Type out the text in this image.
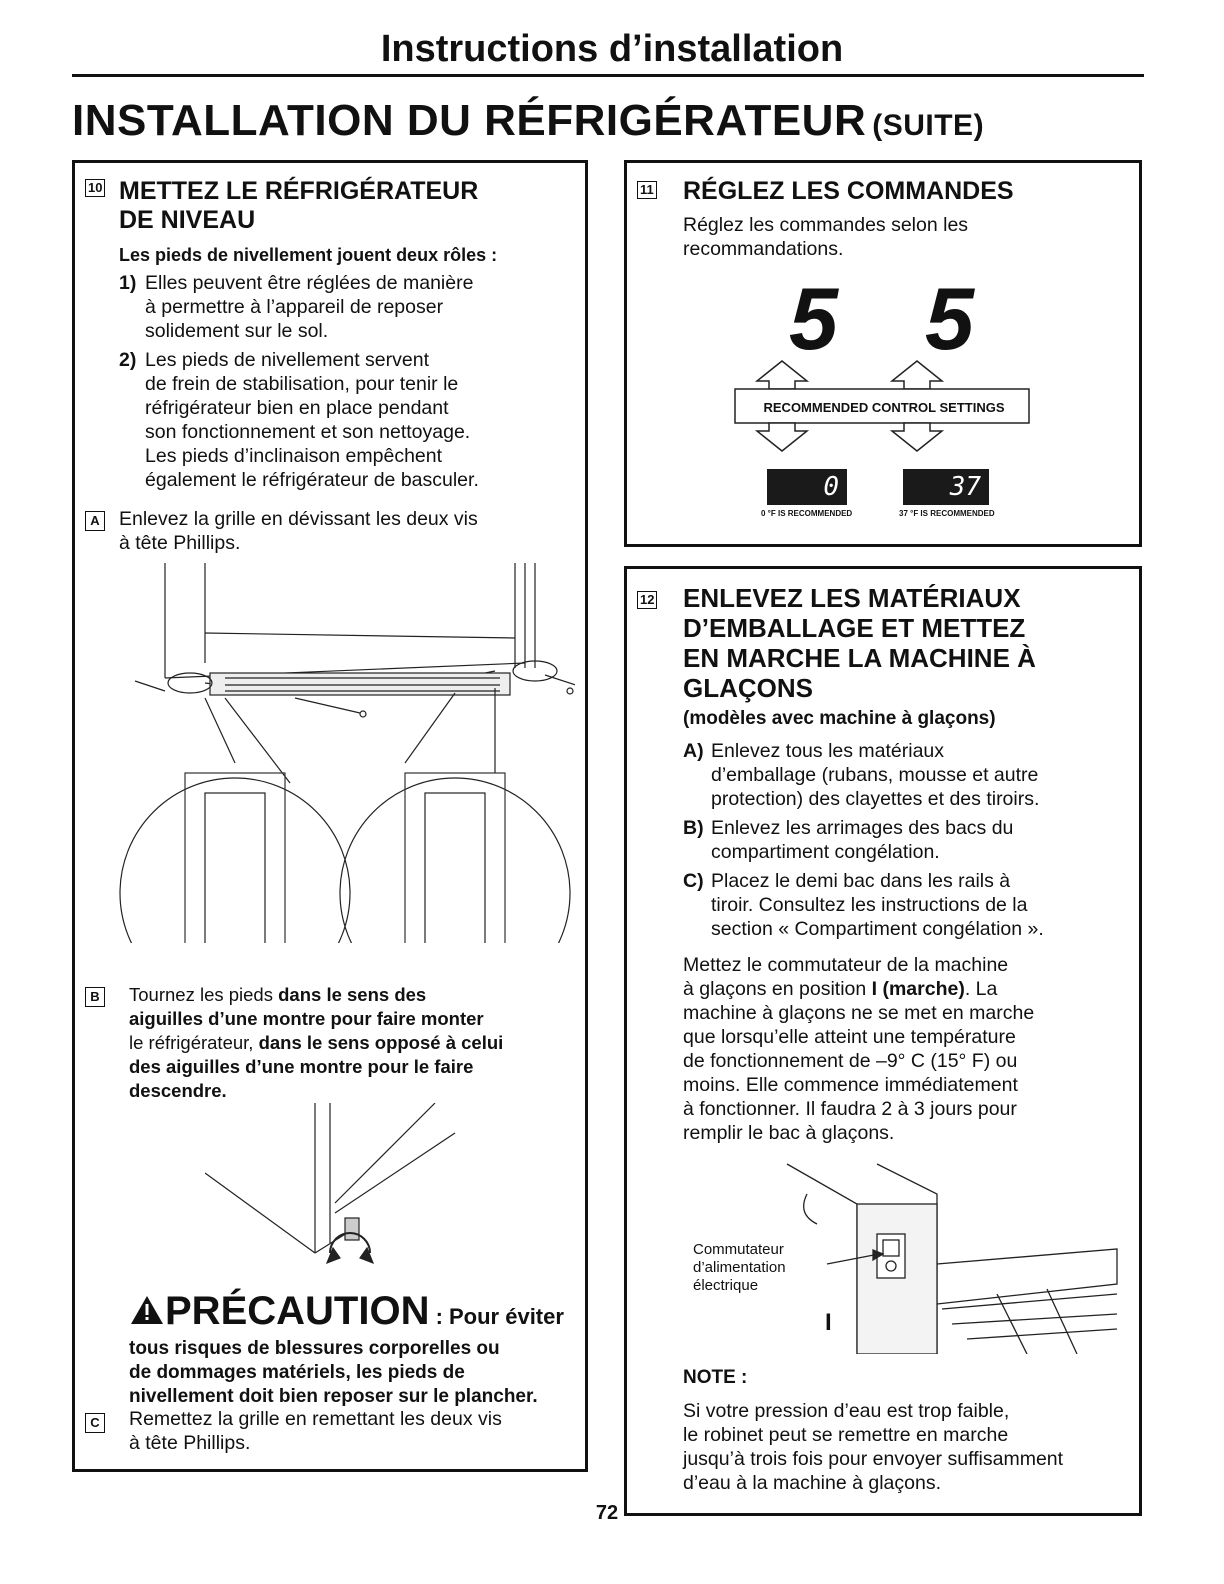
Instructions d’installation
INSTALLATION DU RÉFRIGÉRATEUR (SUITE)
10 METTEZ LE RÉFRIGÉRATEUR
DE NIVEAU
Les pieds de nivellement jouent deux rôles :
1) Elles peuvent être réglées de manière
à permettre à l’appareil de reposer
solidement sur le sol.
2) Les pieds de nivellement servent
de frein de stabilisation, pour tenir le
réfrigérateur bien en place pendant
son fonctionnement et son nettoyage.
Les pieds d’inclinaison empêchent
également le réfrigérateur de basculer.
A Enlevez la grille en dévissant les deux vis
à tête Phillips.
B Tournez les pieds dans le sens des
aiguilles d’une montre pour faire monter
le réfrigérateur, dans le sens opposé à celui
des aiguilles d’une montre pour le faire
descendre.
PRÉCAUTION : Pour éviter
tous risques de blessures corporelles ou
de dommages matériels, les pieds de
nivellement doit bien reposer sur le plancher.
C Remettez la grille en remettant les deux vis
à tête Phillips.
11 RÉGLEZ LES COMMANDES
Réglez les commandes selon les
recommandations.
5 5
RECOMMENDED CONTROL SETTINGS
0	37
0 °F IS RECOMMENDED	37 °F IS RECOMMENDED
12 ENLEVEZ LES MATÉRIAUX
D’EMBALLAGE ET METTEZ
EN MARCHE LA MACHINE À
GLAÇONS
(modèles avec machine à glaçons)
A) Enlevez tous les matériaux
d’emballage (rubans, mousse et autre
protection) des clayettes et des tiroirs.
B) Enlevez les arrimages des bacs du
compartiment congélation.
C) Placez le demi bac dans les rails à
tiroir. Consultez les instructions de la
section « Compartiment congélation ».
Mettez le commutateur de la machine
à glaçons en position I (marche). La
machine à glaçons ne se met en marche
que lorsqu’elle atteint une température
de fonctionnement de –9° C (15° F) ou
moins. Elle commence immédiatement
à fonctionner. Il faudra 2 à 3 jours pour
remplir le bac à glaçons.
Commutateur
d’alimentation
électrique
I
NOTE :
Si votre pression d’eau est trop faible,
le robinet peut se remettre en marche
jusqu’à trois fois pour envoyer suffisamment
d’eau à la machine à glaçons.
72
